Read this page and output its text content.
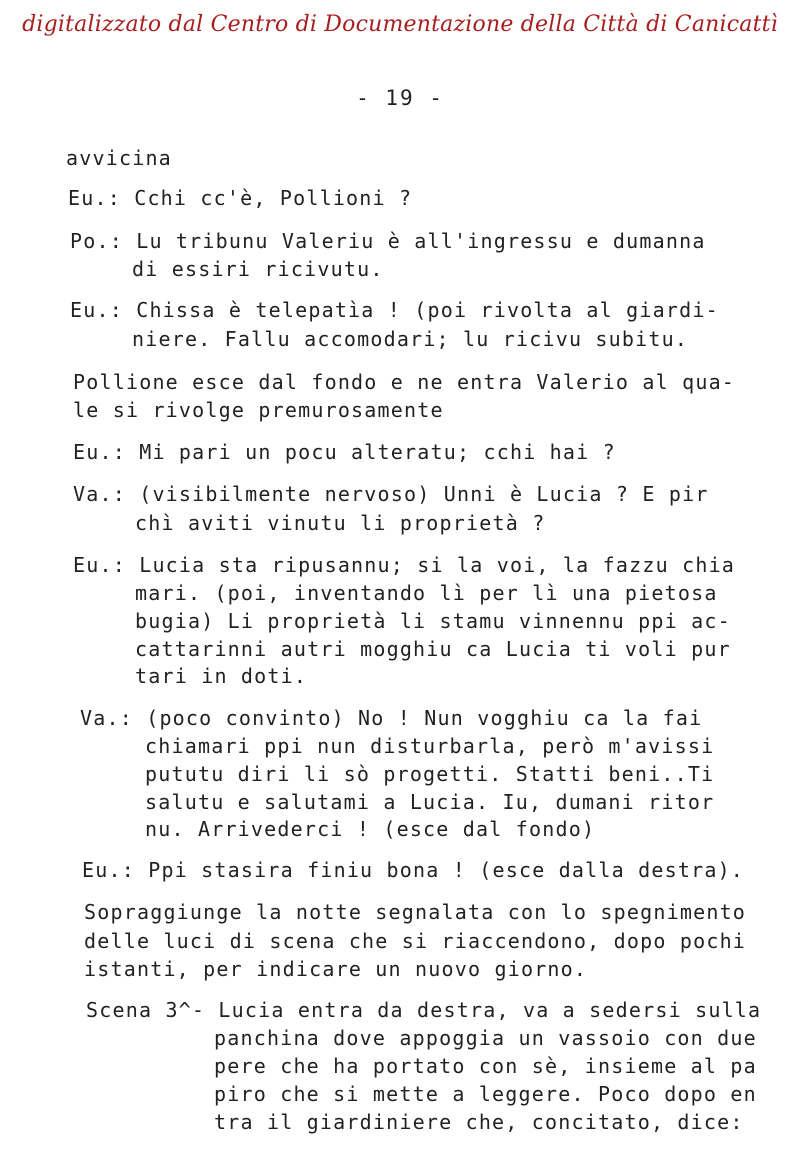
digitalizzato dal Centro di Documentazione della Città di Canicattì
- 19 -
avvicina
Eu.: Cchi cc'è, Pollioni ?
Po.: Lu tribunu Valeriu è all'ingressu e dumanna
di essiri ricivutu.
Eu.: Chissa è telepatìa ! (poi rivolta al giardi-
niere. Fallu accomodari; lu ricivu subitu.
Pollione esce dal fondo e ne entra Valerio al qua-
le si rivolge premurosamente
Eu.: Mi pari un pocu alteratu; cchi hai ?
Va.: (visibilmente nervoso) Unni è Lucia ? E pir
chì aviti vinutu li proprietà ?
Eu.: Lucia sta ripusannu; si la voi, la fazzu chia
mari. (poi, inventando lì per lì una pietosa
bugia) Li proprietà li stamu vinnennu ppi ac-
cattarinni autri mogghiu ca Lucia ti voli pur
tari in doti.
Va.: (poco convinto) No ! Nun vogghiu ca la fai
chiamari ppi nun disturbarla, però m'avissi
pututu diri li sò progetti. Statti beni..Ti
salutu e salutami a Lucia. Iu, dumani ritor
nu. Arrivederci ! (esce dal fondo)
Eu.: Ppi stasira finiu bona ! (esce dalla destra).
Sopraggiunge la notte segnalata con lo spegnimento
delle luci di scena che si riaccendono, dopo pochi
istanti, per indicare un nuovo giorno.
Scena 3^- Lucia entra da destra, va a sedersi sulla
panchina dove appoggia un vassoio con due
pere che ha portato con sè, insieme al pa
piro che si mette a leggere. Poco dopo en
tra il giardiniere che, concitato, dice:
